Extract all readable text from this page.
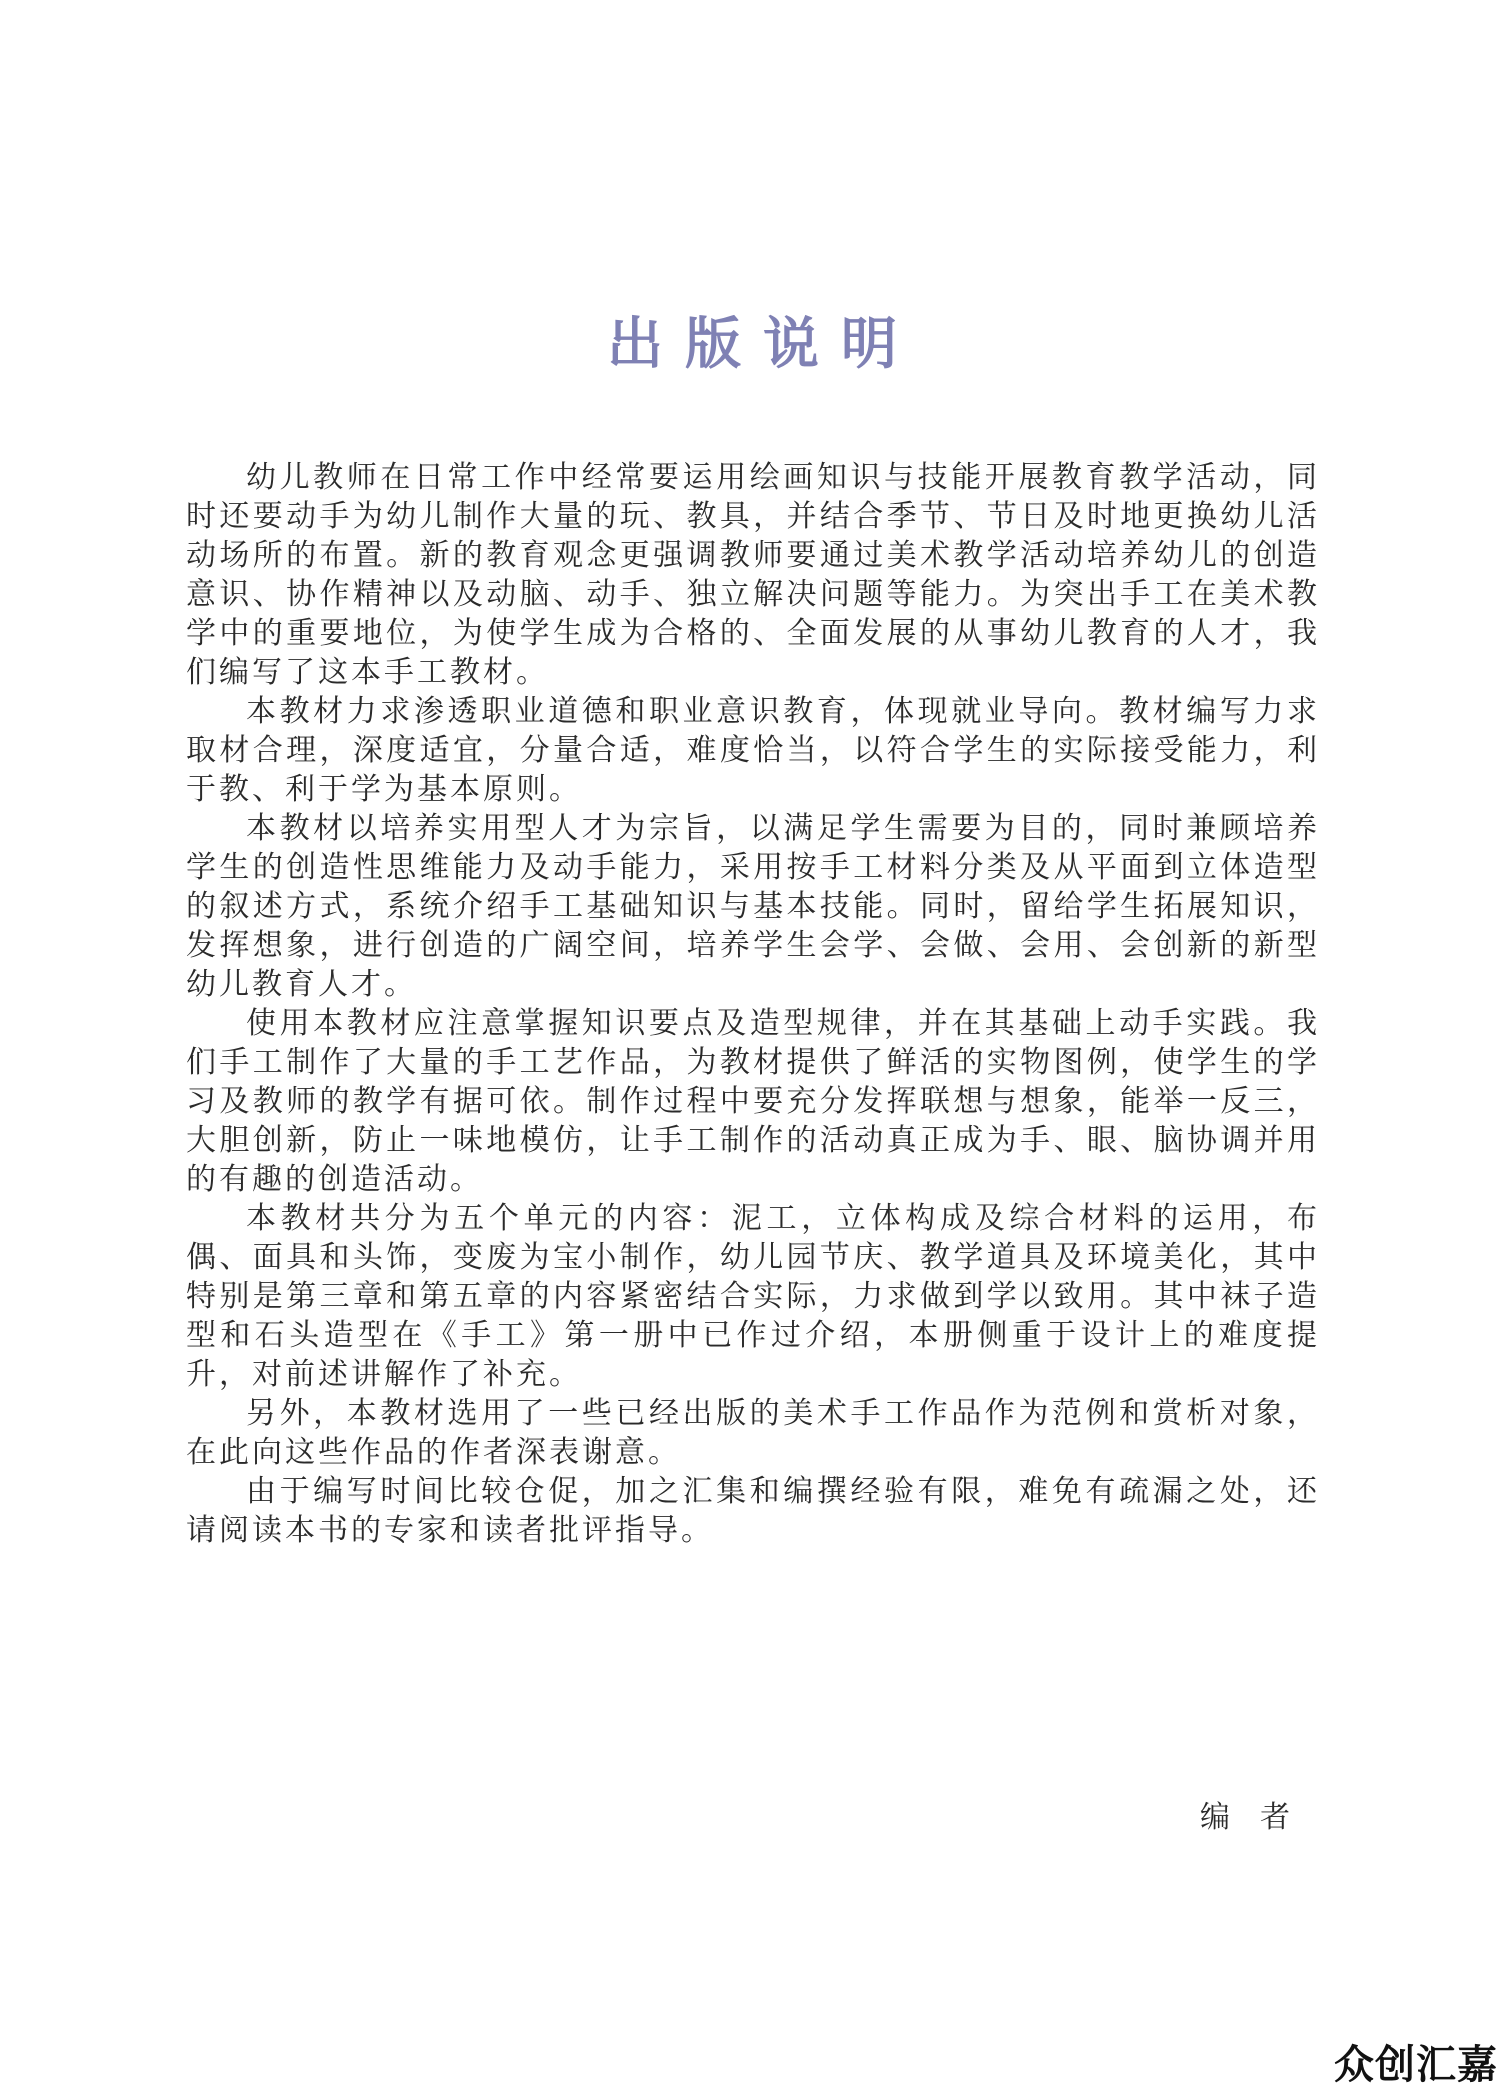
出版说明

幼儿教师在日常工作中经常要运用绘画知识与技能开展教育教学活动，同时还要动手为幼儿制作大量的玩、教具，并结合季节、节日及时地更换幼儿活动场所的布置。新的教育观念更强调教师要通过美术教学活动培养幼儿的创造意识、协作精神以及动脑、动手、独立解决问题等能力。为突出手工在美术教学中的重要地位，为使学生成为合格的、全面发展的从事幼儿教育的人才，我们编写了这本手工教材。

本教材力求渗透职业道德和职业意识教育，体现就业导向。教材编写力求取材合理，深度适宜，分量合适，难度恰当，以符合学生的实际接受能力，利于教、利于学为基本原则。

本教材以培养实用型人才为宗旨，以满足学生需要为目的，同时兼顾培养学生的创造性思维能力及动手能力，采用按手工材料分类及从平面到立体造型的叙述方式，系统介绍手工基础知识与基本技能。同时，留给学生拓展知识，发挥想象，进行创造的广阔空间，培养学生会学、会做、会用、会创新的新型幼儿教育人才。

使用本教材应注意掌握知识要点及造型规律，并在其基础上动手实践。我们手工制作了大量的手工艺作品，为教材提供了鲜活的实物图例，使学生的学习及教师的教学有据可依。制作过程中要充分发挥联想与想象，能举一反三，大胆创新，防止一味地模仿，让手工制作的活动真正成为手、眼、脑协调并用的有趣的创造活动。

本教材共分为五个单元的内容：泥工，立体构成及综合材料的运用，布偶、面具和头饰，变废为宝小制作，幼儿园节庆、教学道具及环境美化，其中特别是第三章和第五章的内容紧密结合实际，力求做到学以致用。其中袜子造型和石头造型在《手工》第一册中已作过介绍，本册侧重于设计上的难度提升，对前述讲解作了补充。

另外，本教材选用了一些已经出版的美术手工作品作为范例和赏析对象，在此向这些作品的作者深表谢意。

由于编写时间比较仓促，加之汇集和编撰经验有限，难免有疏漏之处，还请阅读本书的专家和读者批评指导。

编者
众创汇嘉
